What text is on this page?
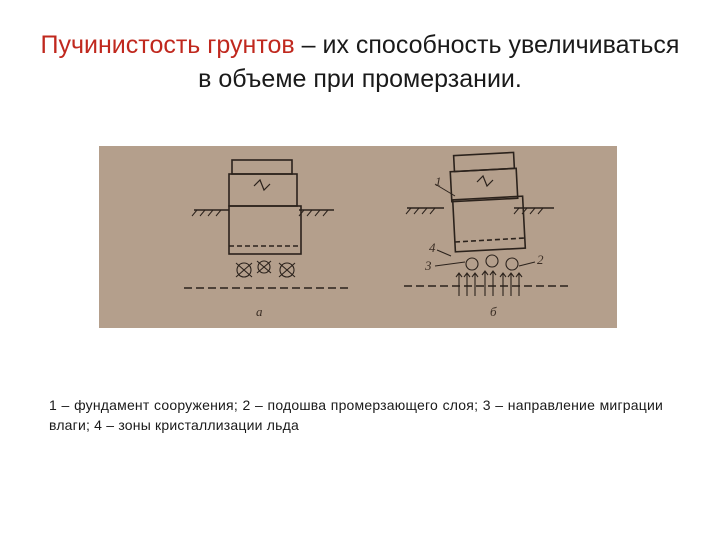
Пучинистость грунтов – их способность увеличиваться
в объеме при промерзании.
1
2
3
4
а	б
1 – фундамент сооружения; 2 – подошва промерзающего слоя; 3 – направление миграции влаги; 4 – зоны кристаллизации льда
